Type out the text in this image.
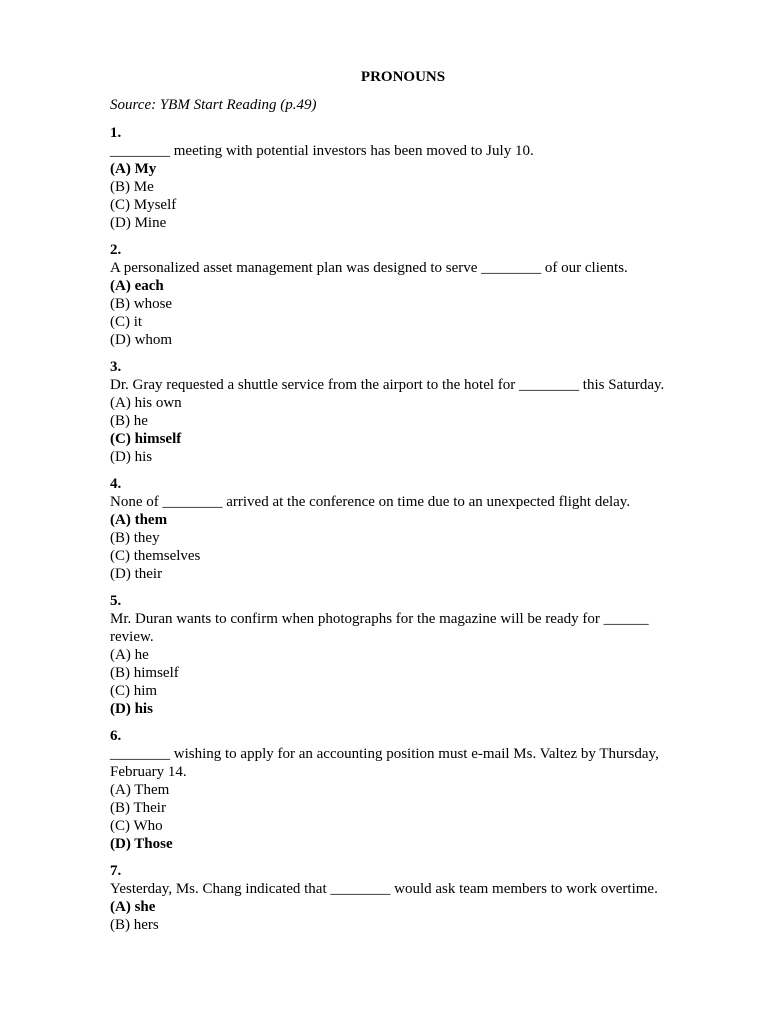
PRONOUNS
Source: YBM Start Reading (p.49)
1.
________ meeting with potential investors has been moved to July 10.
(A) My
(B) Me
(C) Myself
(D) Mine
2.
A personalized asset management plan was designed to serve ________ of our clients.
(A) each
(B) whose
(C) it
(D) whom
3.
Dr. Gray requested a shuttle service from the airport to the hotel for ________ this Saturday.
(A) his own
(B) he
(C) himself
(D) his
4.
None of ________ arrived at the conference on time due to an unexpected flight delay.
(A) them
(B) they
(C) themselves
(D) their
5.
Mr. Duran wants to confirm when photographs for the magazine will be ready for ______ review.
(A) he
(B) himself
(C) him
(D) his
6.
________ wishing to apply for an accounting position must e-mail Ms. Valtez by Thursday, February 14.
(A) Them
(B) Their
(C) Who
(D) Those
7.
Yesterday, Ms. Chang indicated that ________ would ask team members to work overtime.
(A) she
(B) hers
